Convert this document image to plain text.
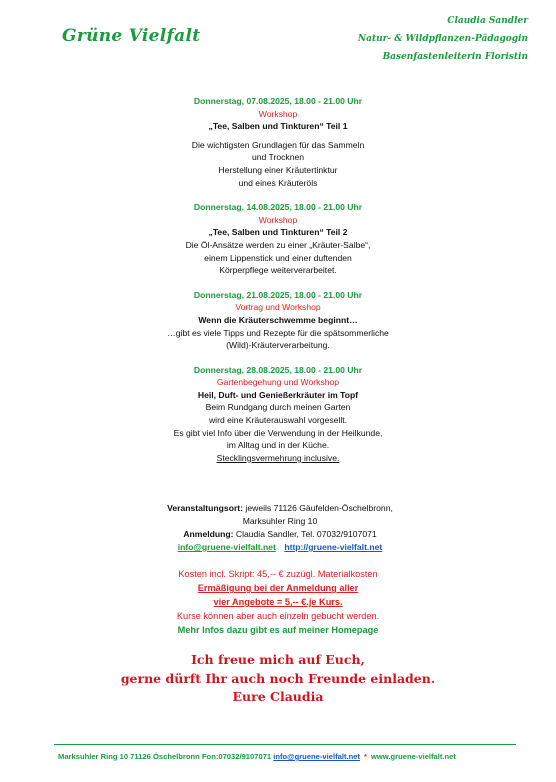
Grüne Vielfalt
Claudia Sandler
Natur- & Wildpflanzen-Pädagogin
Basenfastenleiterin Floristin
Donnerstag, 07.08.2025, 18.00 - 21.00 Uhr
Workshop
„Tee, Salben und Tinkturen“ Teil 1
Die wichtigsten Grundlagen für das Sammeln
und Trocknen
Herstellung einer Kräutertinktur
und eines Kräuteröls
Donnerstag, 14.08.2025, 18.00 - 21.00 Uhr
Workshop
„Tee, Salben und Tinkturen“ Teil 2
Die Öl-Ansätze werden zu einer „Kräuter-Salbe“,
einem Lippenstick und einer duftenden
Körperpflege weiterverarbeitet.
Donnerstag, 21.08.2025, 18.00 - 21.00 Uhr
Vortrag und Workshop
Wenn die Kräuterschwemme beginnt…
…gibt es viele Tipps und Rezepte für die spätsommerliche
(Wild)-Kräuterverarbeitung.
Donnerstag, 28.08.2025, 18.00 - 21.00 Uhr
Gartenbegehung und Workshop
Heil, Duft- und Genießerkräuter im Topf
Beim Rundgang durch meinen Garten
wird eine Kräuterauswahl vorgesellt.
Es gibt viel Info über die Verwendung in der Heilkunde,
im Alltag und in der Küche.
Stecklingsvermehrung inclusive.
Veranstaltungsort: jeweils 71126 Gäufelden-Öschelbronn,
Marksuhler Ring 10
Anmeldung: Claudia Sandler, Tel. 07032/9107071
info@gruene-vielfalt.net http://gruene-vielfalt.net
Kosten incl. Skript: 45,-- € zuzügl. Materialkosten
Ermäßigung bei der Anmeldung aller
vier Angebote = 5,-- €.je Kurs.
Kurse können aber auch einzeln gebucht werden.
Mehr Infos dazu gibt es auf meiner Homepage
Ich freue mich auf Euch,
gerne dürft Ihr auch noch Freunde einladen.
Eure Claudia
Marksuhler Ring 10 71126 Öschelbronn Fon:07032/9107071 info@gruene-vielfalt.net * www.gruene-vielfalt.net
